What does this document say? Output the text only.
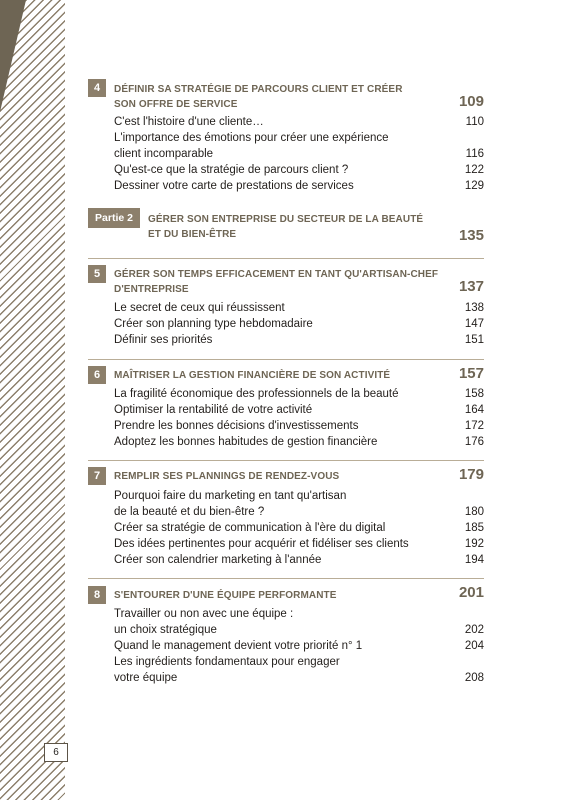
6
4	DÉFINIR SA STRATÉGIE DE PARCOURS CLIENT ET CRÉER
SON OFFRE DE SERVICE	109
C'est l'histoire d'une cliente…	110
L'importance des émotions pour créer une expérience
client incomparable	116
Qu'est-ce que la stratégie de parcours client ?	122
Dessiner votre carte de prestations de services	129
Partie 2	GÉRER SON ENTREPRISE DU SECTEUR DE LA BEAUTÉ
ET DU BIEN-ÊTRE	135
5	GÉRER SON TEMPS EFFICACEMENT EN TANT QU'ARTISAN-CHEF
D'ENTREPRISE	137
Le secret de ceux qui réussissent	138
Créer son planning type hebdomadaire	147
Définir ses priorités	151
6	MAÎTRISER LA GESTION FINANCIÈRE DE SON ACTIVITÉ	157
La fragilité économique des professionnels de la beauté	158
Optimiser la rentabilité de votre activité	164
Prendre les bonnes décisions d'investissements	172
Adoptez les bonnes habitudes de gestion financière	176
7	REMPLIR SES PLANNINGS DE RENDEZ-VOUS	179
Pourquoi faire du marketing en tant qu'artisan
de la beauté et du bien-être ?	180
Créer sa stratégie de communication à l'ère du digital	185
Des idées pertinentes pour acquérir et fidéliser ses clients	192
Créer son calendrier marketing à l'année	194
8	S'ENTOURER D'UNE ÉQUIPE PERFORMANTE	201
Travailler ou non avec une équipe :
un choix stratégique	202
Quand le management devient votre priorité n° 1	204
Les ingrédients fondamentaux pour engager
votre équipe	208
